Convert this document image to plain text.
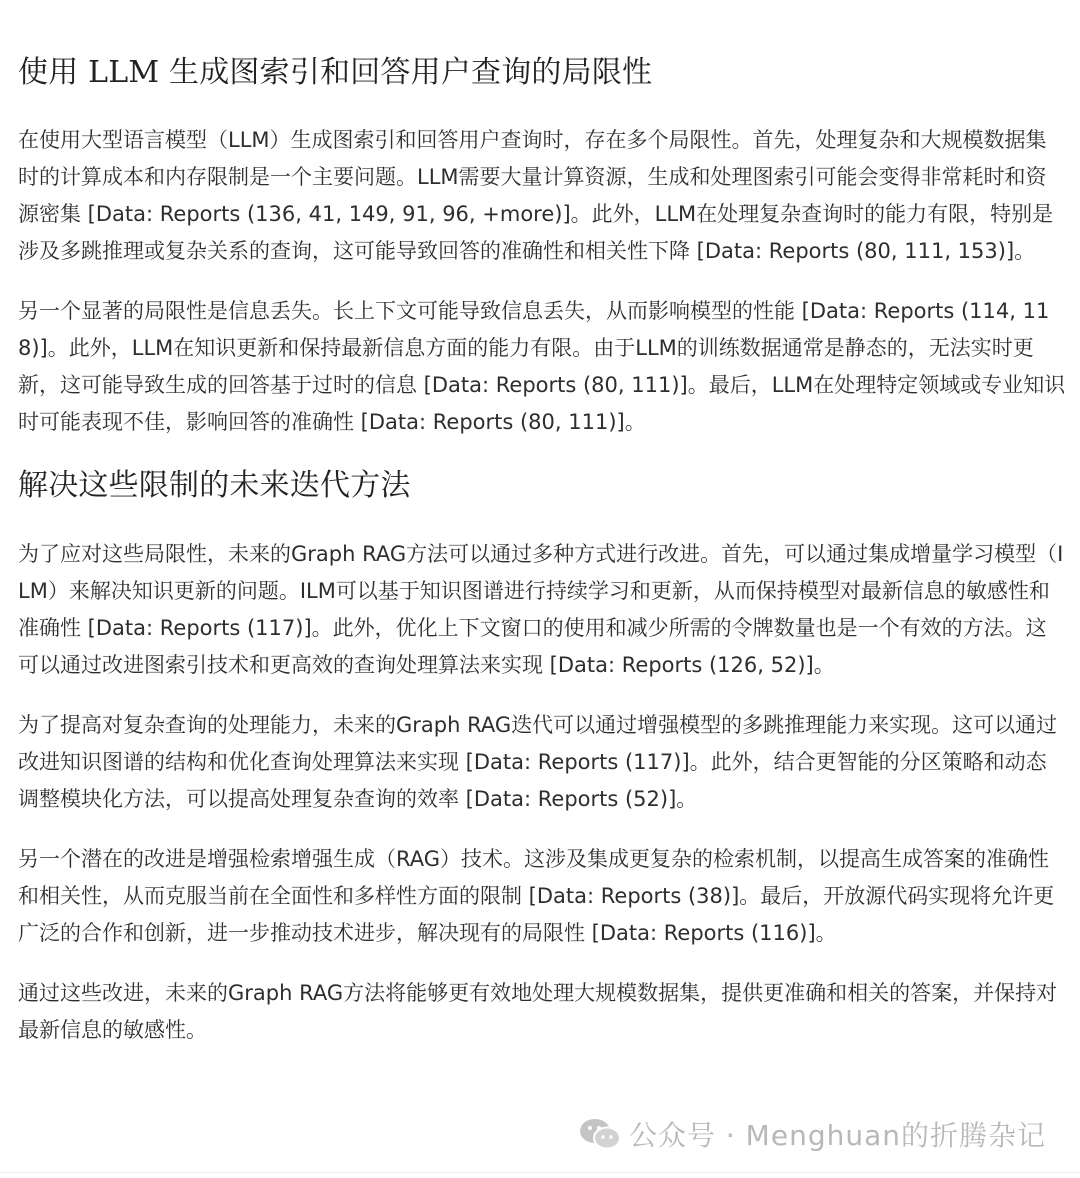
使用 LLM 生成图索引和回答用户查询的局限性

在使用大型语言模型（LLM）生成图索引和回答用户查询时，存在多个局限性。首先，处理复杂和大规模数据集时的计算成本和内存限制是一个主要问题。LLM需要大量计算资源，生成和处理图索引可能会变得非常耗时和资源密集 [Data: Reports (136, 41, 149, 91, 96, +more)]。此外，LLM在处理复杂查询时的能力有限，特别是涉及多跳推理或复杂关系的查询，这可能导致回答的准确性和相关性下降 [Data: Reports (80, 111, 153)]。

另一个显著的局限性是信息丢失。长上下文可能导致信息丢失，从而影响模型的性能 [Data: Reports (114, 118)]。此外，LLM在知识更新和保持最新信息方面的能力有限。由于LLM的训练数据通常是静态的，无法实时更新，这可能导致生成的回答基于过时的信息 [Data: Reports (80, 111)]。最后，LLM在处理特定领域或专业知识时可能表现不佳，影响回答的准确性 [Data: Reports (80, 111)]。

解决这些限制的未来迭代方法

为了应对这些局限性，未来的Graph RAG方法可以通过多种方式进行改进。首先，可以通过集成增量学习模型（ILM）来解决知识更新的问题。ILM可以基于知识图谱进行持续学习和更新，从而保持模型对最新信息的敏感性和准确性 [Data: Reports (117)]。此外，优化上下文窗口的使用和减少所需的令牌数量也是一个有效的方法。这可以通过改进图索引技术和更高效的查询处理算法来实现 [Data: Reports (126, 52)]。

为了提高对复杂查询的处理能力，未来的Graph RAG迭代可以通过增强模型的多跳推理能力来实现。这可以通过改进知识图谱的结构和优化查询处理算法来实现 [Data: Reports (117)]。此外，结合更智能的分区策略和动态调整模块化方法，可以提高处理复杂查询的效率 [Data: Reports (52)]。

另一个潜在的改进是增强检索增强生成（RAG）技术。这涉及集成更复杂的检索机制，以提高生成答案的准确性和相关性，从而克服当前在全面性和多样性方面的限制 [Data: Reports (38)]。最后，开放源代码实现将允许更广泛的合作和创新，进一步推动技术进步，解决现有的局限性 [Data: Reports (116)]。

通过这些改进，未来的Graph RAG方法将能够更有效地处理大规模数据集，提供更准确和相关的答案，并保持对最新信息的敏感性。

公众号 · Menghuan的折腾杂记
